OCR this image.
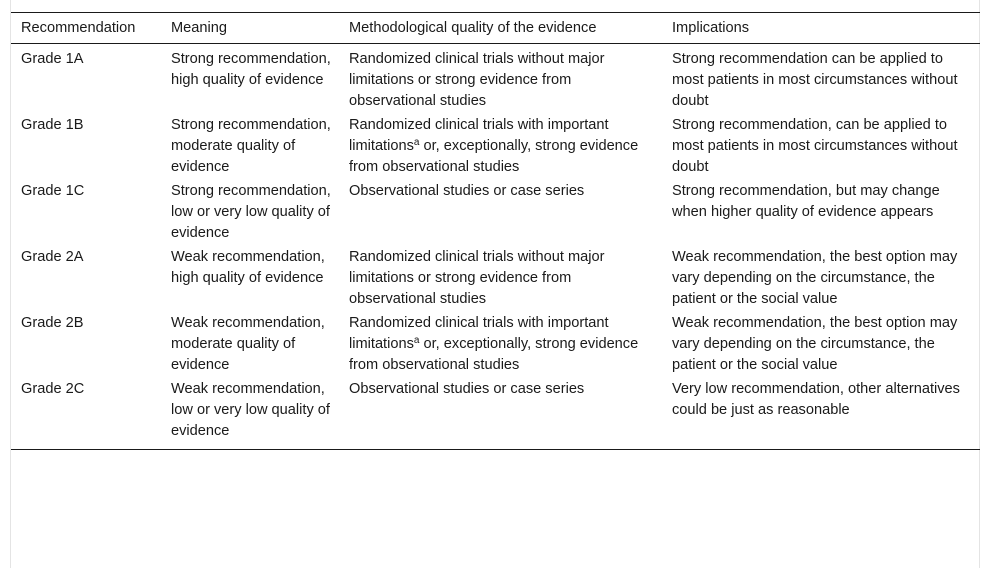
Recommendation	Meaning	Methodological quality of the evidence	Implications
Grade 1A	Strong recommendation, high quality of evidence	Randomized clinical trials without major limitations or strong evidence from observational studies	Strong recommendation can be applied to most patients in most circumstances without doubt
Grade 1B	Strong recommendation, moderate quality of evidence	Randomized clinical trials with important limitations$^a$ or, exceptionally, strong evidence from observational studies	Strong recommendation, can be applied to most patients in most circumstances without doubt
Grade 1C	Strong recommendation, low or very low quality of evidence	Observational studies or case series	Strong recommendation, but may change when higher quality of evidence appears
Grade 2A	Weak recommendation, high quality of evidence	Randomized clinical trials without major limitations or strong evidence from observational studies	Weak recommendation, the best option may vary depending on the circumstance, the patient or the social value
Grade 2B	Weak recommendation, moderate quality of evidence	Randomized clinical trials with important limitations$^a$ or, exceptionally, strong evidence from observational studies	Weak recommendation, the best option may vary depending on the circumstance, the patient or the social value
Grade 2C	Weak recommendation, low or very low quality of evidence	Observational studies or case series	Very low recommendation, other alternatives could be just as reasonable
